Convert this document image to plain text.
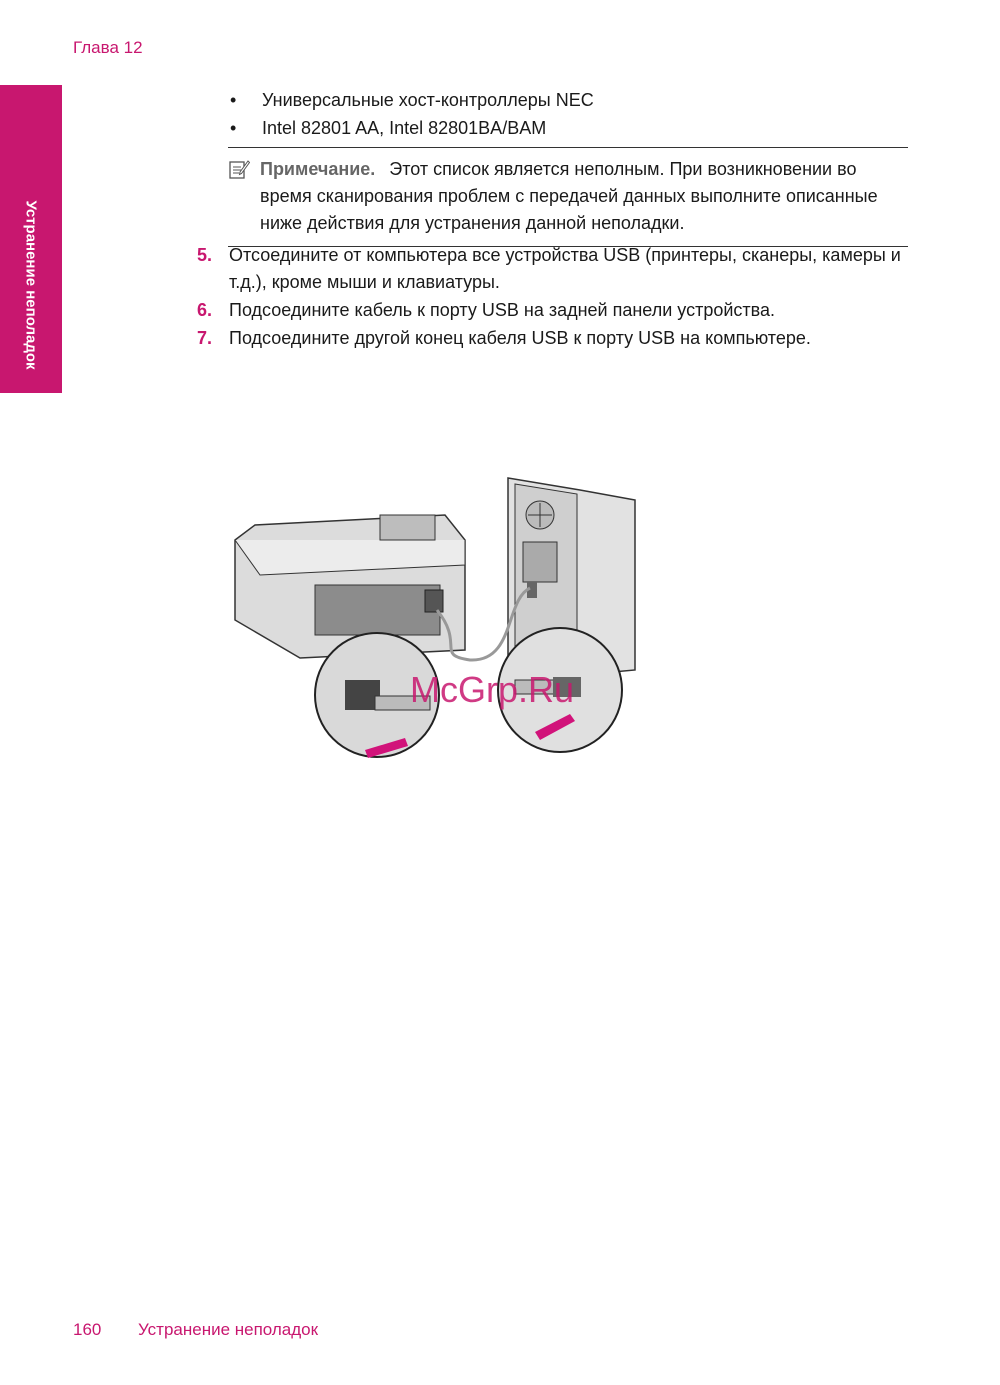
Глава 12
Устранение неполадок
• Универсальные хост-контроллеры NEC
• Intel 82801 AA, Intel 82801BA/BAM
Примечание. Этот список является неполным. При возникновении во время сканирования проблем с передачей данных выполните описанные ниже действия для устранения данной неполадки.
5. Отсоедините от компьютера все устройства USB (принтеры, сканеры, камеры и т.д.), кроме мыши и клавиатуры.
6. Подсоедините кабель к порту USB на задней панели устройства.
7. Подсоедините другой конец кабеля USB к порту USB на компьютере.
McGrp.Ru
160 Устранение неполадок
